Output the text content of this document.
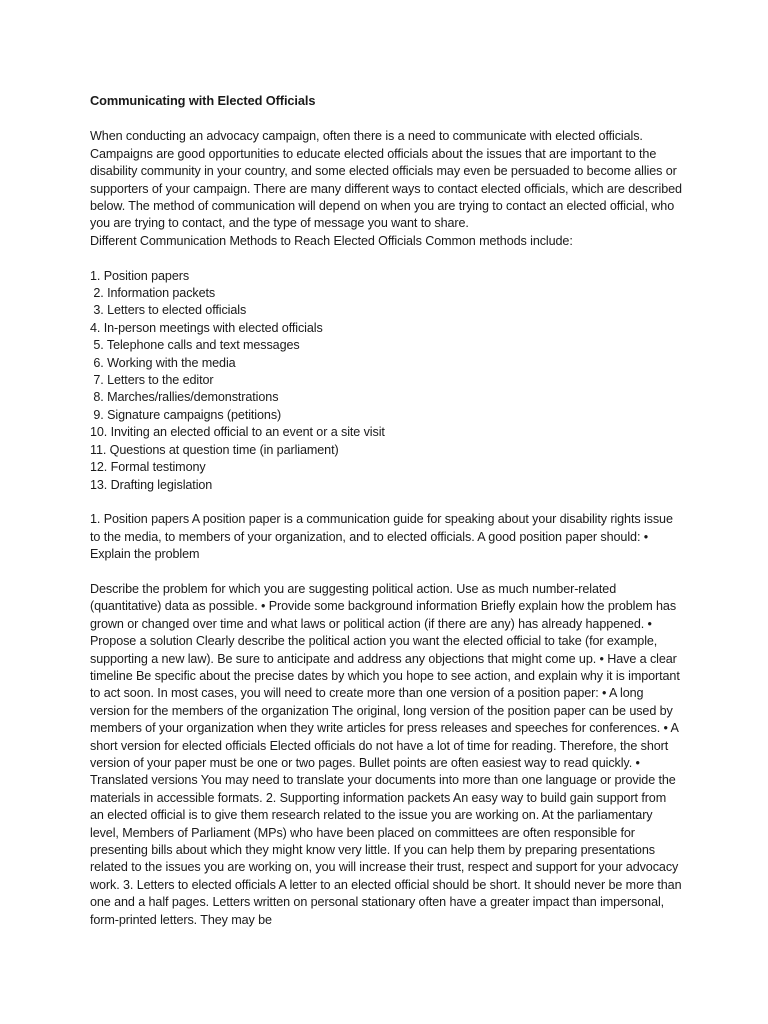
Communicating with Elected Officials

When conducting an advocacy campaign, often there is a need to communicate with elected officials. Campaigns are good opportunities to educate elected officials about the issues that are important to the disability community in your country, and some elected officials may even be persuaded to become allies or supporters of your campaign. There are many different ways to contact elected officials, which are described below. The method of communication will depend on when you are trying to contact an elected official, who you are trying to contact, and the type of message you want to share.

Different Communication Methods to Reach Elected Officials Common methods include:

1. Position papers
2. Information packets
3. Letters to elected officials
4. In-person meetings with elected officials
5. Telephone calls and text messages
6. Working with the media
7. Letters to the editor
8. Marches/rallies/demonstrations
9. Signature campaigns (petitions)
10. Inviting an elected official to an event or a site visit
11. Questions at question time (in parliament)
12. Formal testimony
13. Drafting legislation

1. Position papers A position paper is a communication guide for speaking about your disability rights issue to the media, to members of your organization, and to elected officials. A good position paper should: • Explain the problem

Describe the problem for which you are suggesting political action. Use as much number-related (quantitative) data as possible. • Provide some background information Briefly explain how the problem has grown or changed over time and what laws or political action (if there are any) has already happened. • Propose a solution Clearly describe the political action you want the elected official to take (for example, supporting a new law). Be sure to anticipate and address any objections that might come up. • Have a clear timeline Be specific about the precise dates by which you hope to see action, and explain why it is important to act soon. In most cases, you will need to create more than one version of a position paper: • A long version for the members of the organization The original, long version of the position paper can be used by members of your organization when they write articles for press releases and speeches for conferences. • A short version for elected officials Elected officials do not have a lot of time for reading. Therefore, the short version of your paper must be one or two pages. Bullet points are often easiest way to read quickly. • Translated versions You may need to translate your documents into more than one language or provide the materials in accessible formats. 2. Supporting information packets An easy way to build gain support from an elected official is to give them research related to the issue you are working on. At the parliamentary level, Members of Parliament (MPs) who have been placed on committees are often responsible for presenting bills about which they might know very little. If you can help them by preparing presentations related to the issues you are working on, you will increase their trust, respect and support for your advocacy work. 3. Letters to elected officials A letter to an elected official should be short. It should never be more than one and a half pages. Letters written on personal stationary often have a greater impact than impersonal, form-printed letters. They may be
